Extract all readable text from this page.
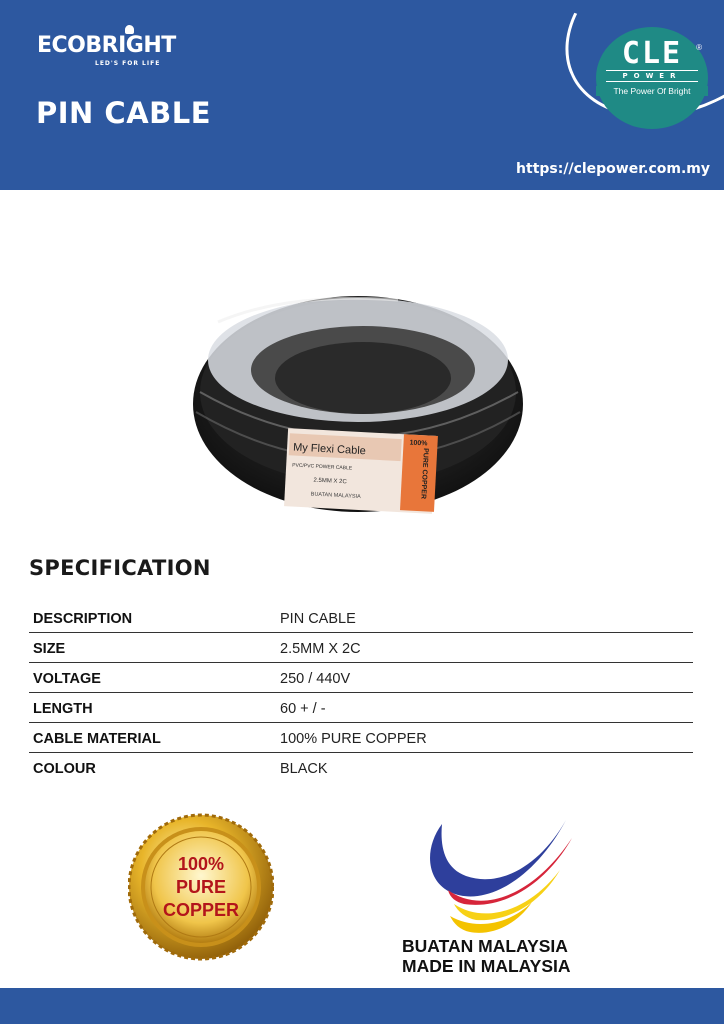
ECOBRIGHT
LED'S FOR LIFE
PIN CABLE
CLE	®
POWER
The Power Of Bright
https://clepower.com.my
My Flexi Cable
PVC/PVC POWER CABLE
2.5MM X 2C
BUATAN MALAYSIA
100%
PURE COPPER
SPECIFICATION
DESCRIPTION	PIN CABLE
SIZE	2.5MM X 2C
VOLTAGE	250 / 440V
LENGTH	60 + / -
CABLE MATERIAL	100% PURE COPPER
COLOUR	BLACK
100%
PURE
COPPER
BUATAN MALAYSIA
MADE IN MALAYSIA
